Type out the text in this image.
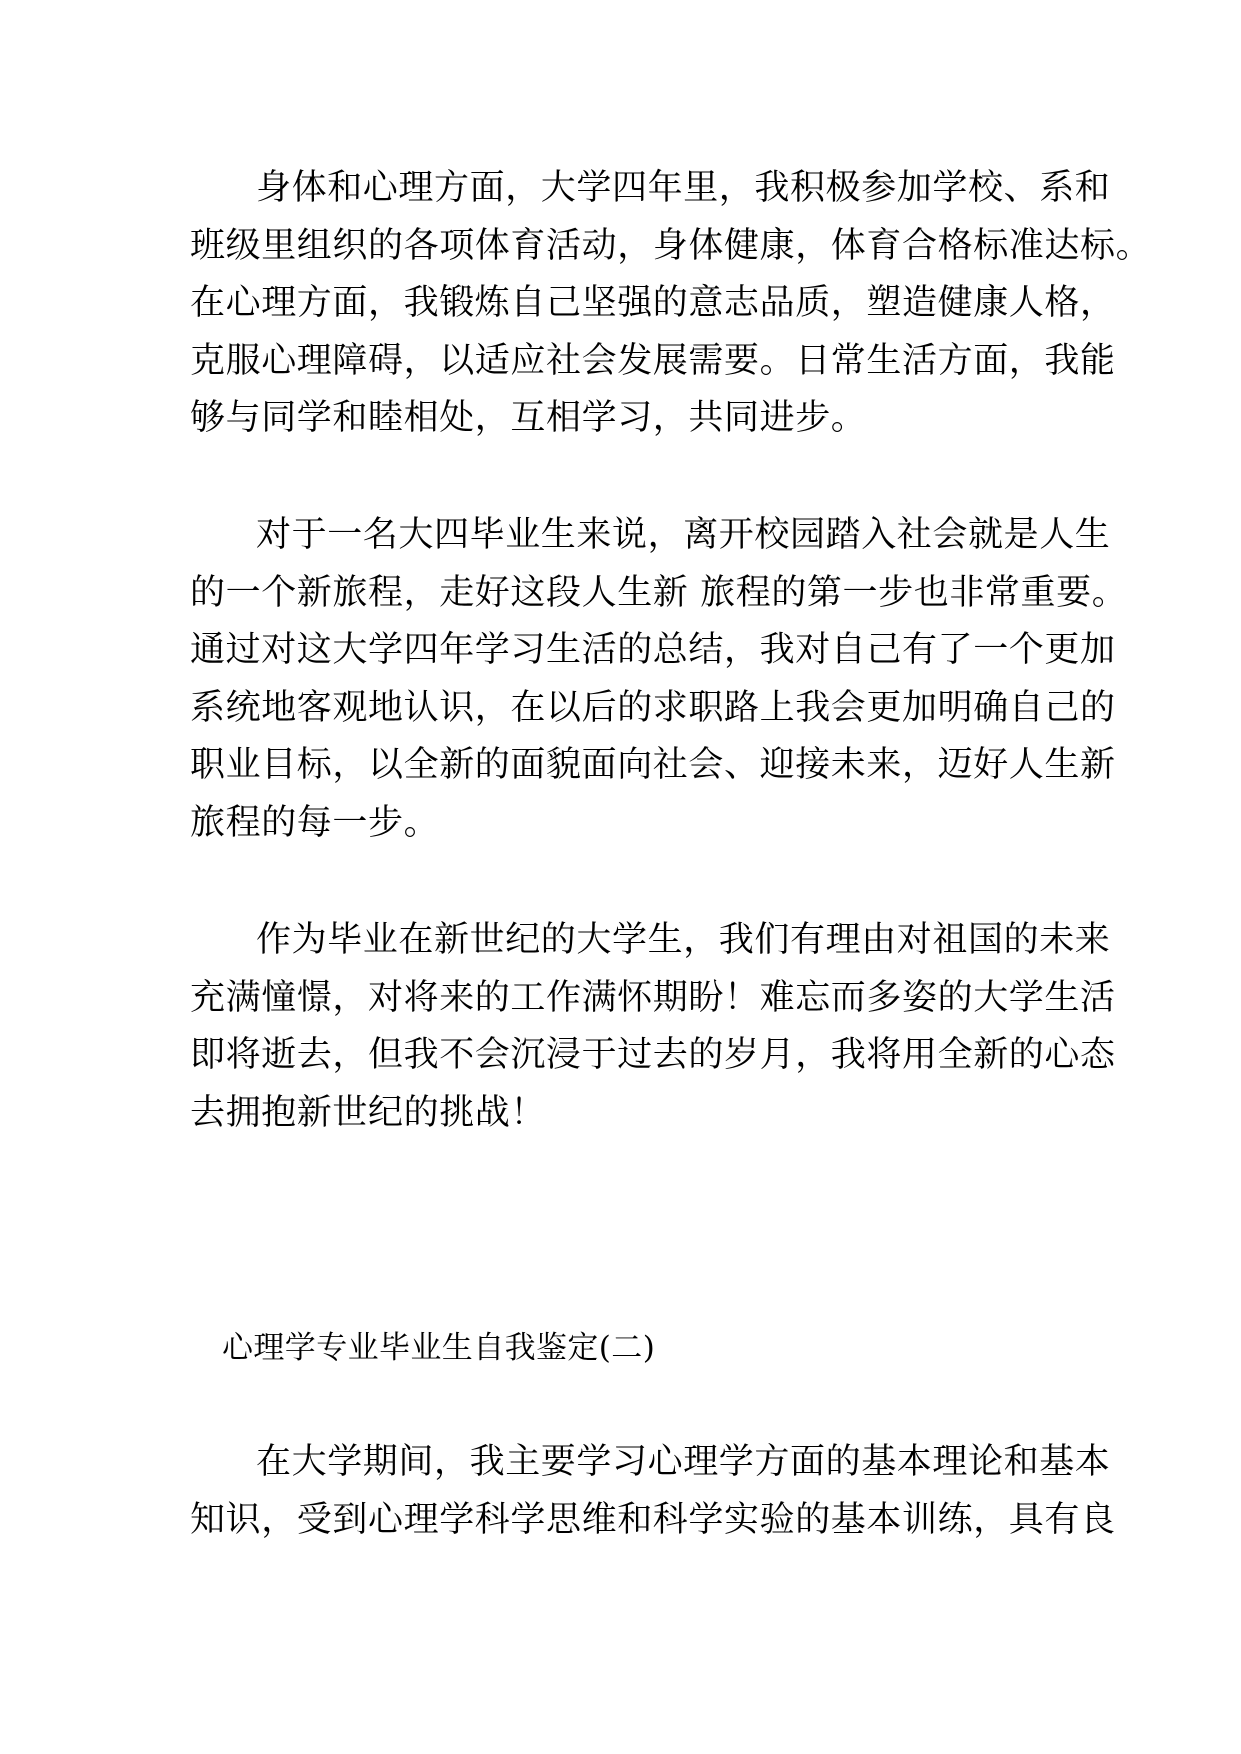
身体和心理方面，大学四年里，我积极参加学校、系和
班级里组织的各项体育活动，身体健康，体育合格标准达标。
在心理方面，我锻炼自己坚强的意志品质，塑造健康人格，
克服心理障碍，以适应社会发展需要。日常生活方面，我能
够与同学和睦相处，互相学习，共同进步。
对于一名大四毕业生来说，离开校园踏入社会就是人生
的一个新旅程，走好这段人生新 旅程的第一步也非常重要。
通过对这大学四年学习生活的总结，我对自己有了一个更加
系统地客观地认识，在以后的求职路上我会更加明确自己的
职业目标，以全新的面貌面向社会、迎接未来，迈好人生新
旅程的每一步。
作为毕业在新世纪的大学生，我们有理由对祖国的未来
充满憧憬，对将来的工作满怀期盼！难忘而多姿的大学生活
即将逝去，但我不会沉浸于过去的岁月，我将用全新的心态
去拥抱新世纪的挑战！
心理学专业毕业生自我鉴定(二)
在大学期间，我主要学习心理学方面的基本理论和基本
知识，受到心理学科学思维和科学实验的基本训练，具有良
